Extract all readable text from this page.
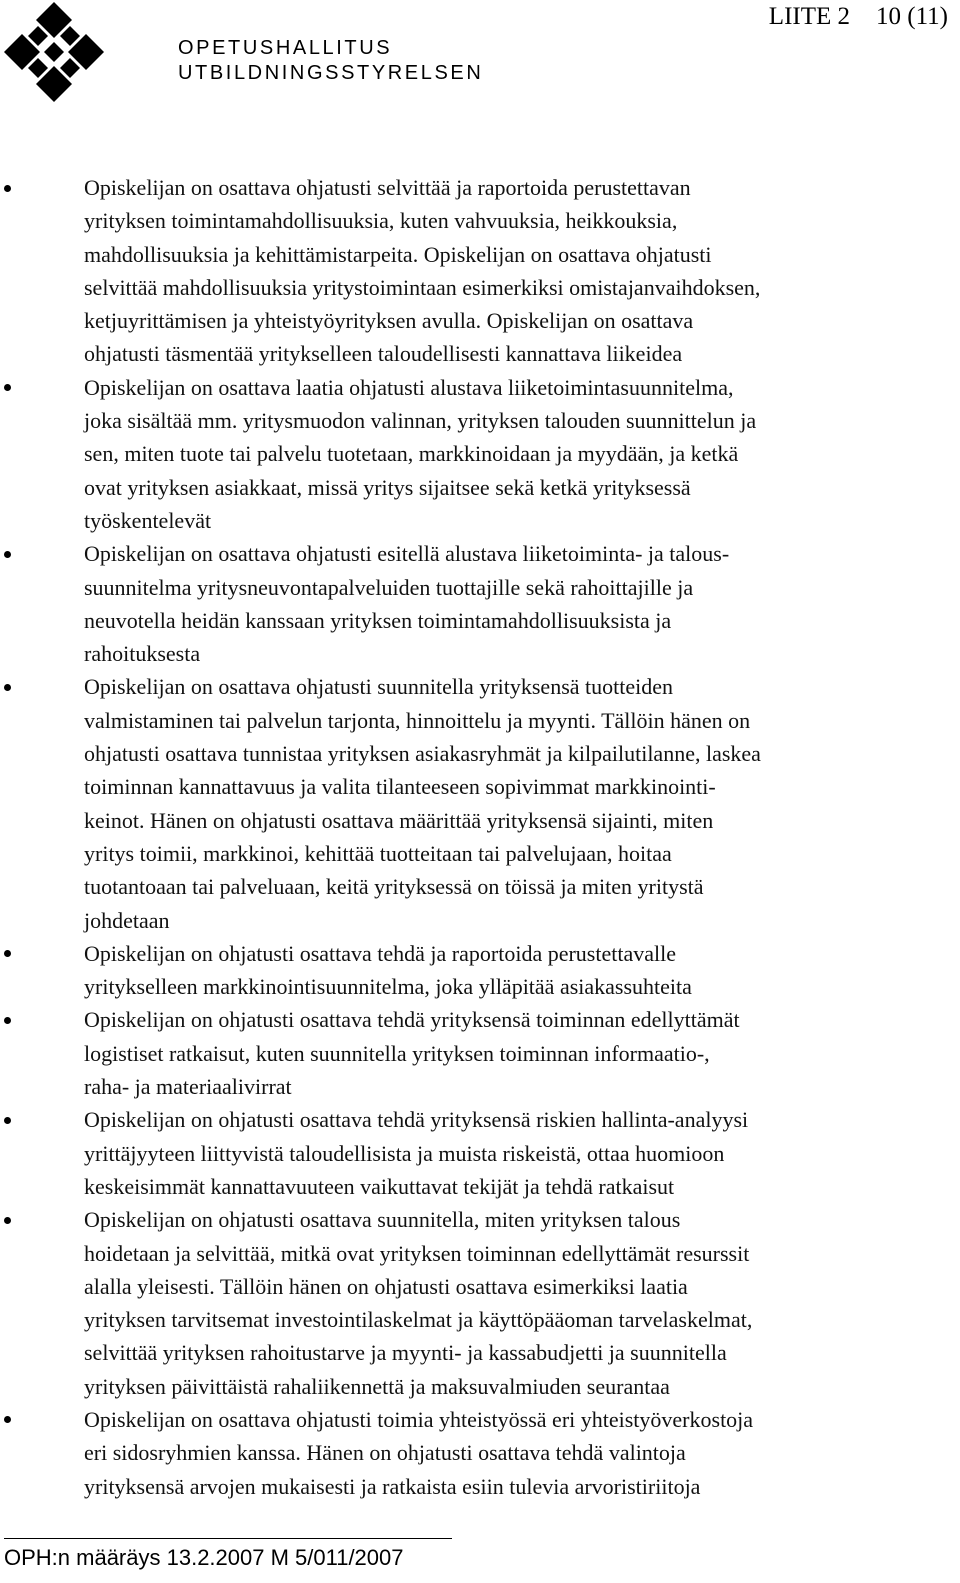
OPETUSHALLITUS
UTBILDNINGSSTYRELSEN
LIITE 2 10 (11)
Opiskelijan on osattava ohjatusti selvittää ja raportoida perustettavan
yrityksen toimintamahdollisuuksia, kuten vahvuuksia, heikkouksia,
mahdollisuuksia ja kehittämistarpeita. Opiskelijan on osattava ohjatusti
selvittää mahdollisuuksia yritystoimintaan esimerkiksi omistajanvaihdoksen,
ketjuyrittämisen ja yhteistyöyrityksen avulla. Opiskelijan on osattava
ohjatusti täsmentää yritykselleen taloudellisesti kannattava liikeidea
Opiskelijan on osattava laatia ohjatusti alustava liiketoimintasuunnitelma,
joka sisältää mm. yritysmuodon valinnan, yrityksen talouden suunnittelun ja
sen, miten tuote tai palvelu tuotetaan, markkinoidaan ja myydään, ja ketkä
ovat yrityksen asiakkaat, missä yritys sijaitsee sekä ketkä yrityksessä
työskentelevät
Opiskelijan on osattava ohjatusti esitellä alustava liiketoiminta- ja talous-
suunnitelma yritysneuvontapalveluiden tuottajille sekä rahoittajille ja
neuvotella heidän kanssaan yrityksen toimintamahdollisuuksista ja
rahoituksesta
Opiskelijan on osattava ohjatusti suunnitella yrityksensä tuotteiden
valmistaminen tai palvelun tarjonta, hinnoittelu ja myynti. Tällöin hänen on
ohjatusti osattava tunnistaa yrityksen asiakasryhmät ja kilpailutilanne, laskea
toiminnan kannattavuus ja valita tilanteeseen sopivimmat markkinointi-
keinot. Hänen on ohjatusti osattava määrittää yrityksensä sijainti, miten
yritys toimii, markkinoi, kehittää tuotteitaan tai palvelujaan, hoitaa
tuotantoaan tai palveluaan, keitä yrityksessä on töissä ja miten yritystä
johdetaan
Opiskelijan on ohjatusti osattava tehdä ja raportoida perustettavalle
yritykselleen markkinointisuunnitelma, joka ylläpitää asiakassuhteita
Opiskelijan on ohjatusti osattava tehdä yrityksensä toiminnan edellyttämät
logistiset ratkaisut, kuten suunnitella yrityksen toiminnan informaatio-,
raha- ja materiaalivirrat
Opiskelijan on ohjatusti osattava tehdä yrityksensä riskien hallinta-analyysi
yrittäjyyteen liittyvistä taloudellisista ja muista riskeistä, ottaa huomioon
keskeisimmät kannattavuuteen vaikuttavat tekijät ja tehdä ratkaisut
Opiskelijan on ohjatusti osattava suunnitella, miten yrityksen talous
hoidetaan ja selvittää, mitkä ovat yrityksen toiminnan edellyttämät resurssit
alalla yleisesti. Tällöin hänen on ohjatusti osattava esimerkiksi laatia
yrityksen tarvitsemat investointilaskelmat ja käyttöpääoman tarvelaskelmat,
selvittää yrityksen rahoitustarve ja myynti- ja kassabudjetti ja suunnitella
yrityksen päivittäistä rahaliikennettä ja maksuvalmiuden seurantaa
Opiskelijan on osattava ohjatusti toimia yhteistyössä eri yhteistyöverkostoja
eri sidosryhmien kanssa. Hänen on ohjatusti osattava tehdä valintoja
yrityksensä arvojen mukaisesti ja ratkaista esiin tulevia arvoristiriitoja
OPH:n määräys 13.2.2007 M 5/011/2007
